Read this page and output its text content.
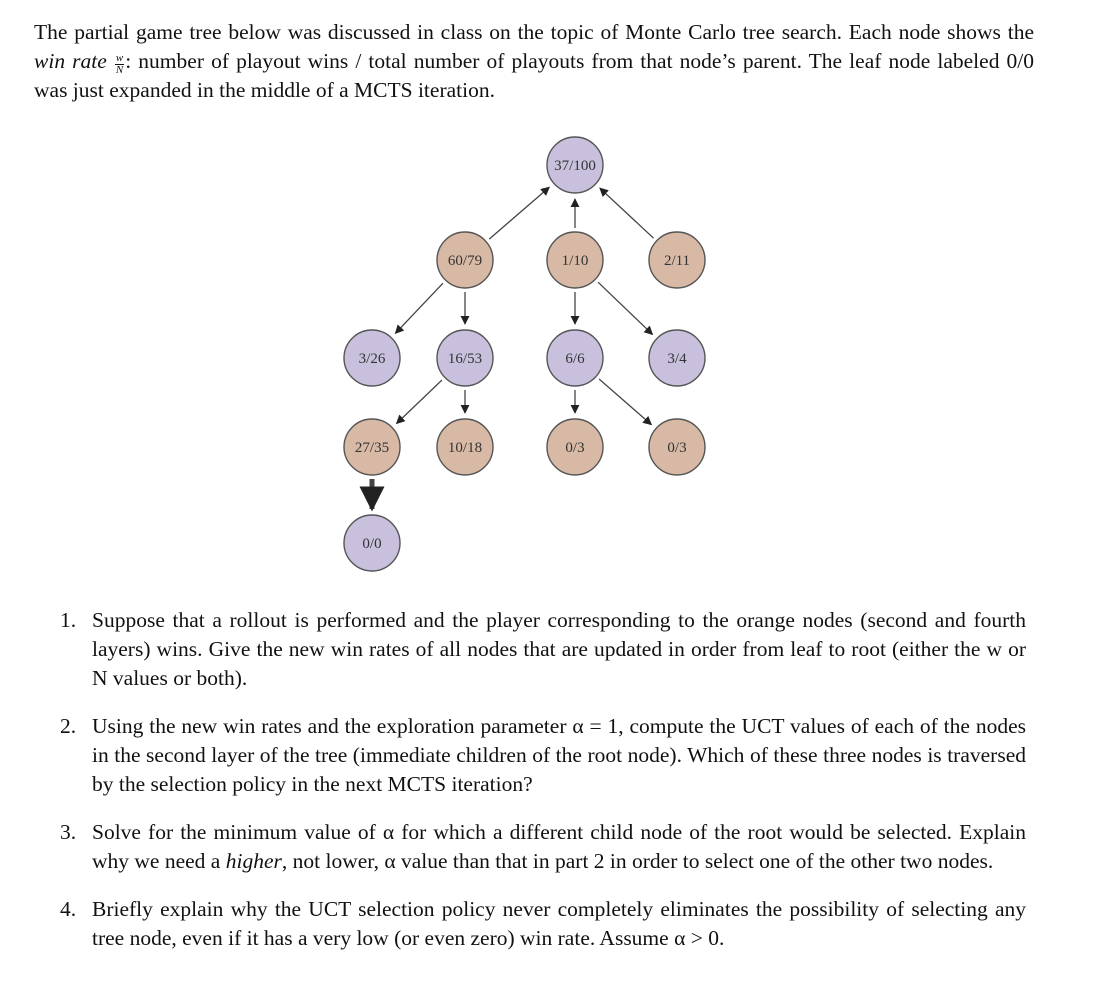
The partial game tree below was discussed in class on the topic of Monte Carlo tree search. Each node shows the win rate $\frac{w}{N}$ : number of playout wins / total number of playouts from that node’s parent. The leaf node labeled 0/0 was just expanded in the middle of a MCTS iteration.

37/100
60/79	1/10	2/11
3/26	16/53	6/6	3/4
27/35	10/18	0/3	0/3
0/0
1. Suppose that a rollout is performed and the player corresponding to the orange nodes (second and fourth layers) wins. Give the new win rates of all nodes that are updated in order from leaf to root (either the w or N values or both).
2. Using the new win rates and the exploration parameter α = 1, compute the UCT values of each of the nodes in the second layer of the tree (immediate children of the root node). Which of these three nodes is traversed by the selection policy in the next MCTS iteration?
3. Solve for the minimum value of α for which a different child node of the root would be selected. Explain why we need a higher, not lower, α value than that in part 2 in order to select one of the other two nodes.
4. Briefly explain why the UCT selection policy never completely eliminates the possibility of selecting any tree node, even if it has a very low (or even zero) win rate. Assume α > 0.
